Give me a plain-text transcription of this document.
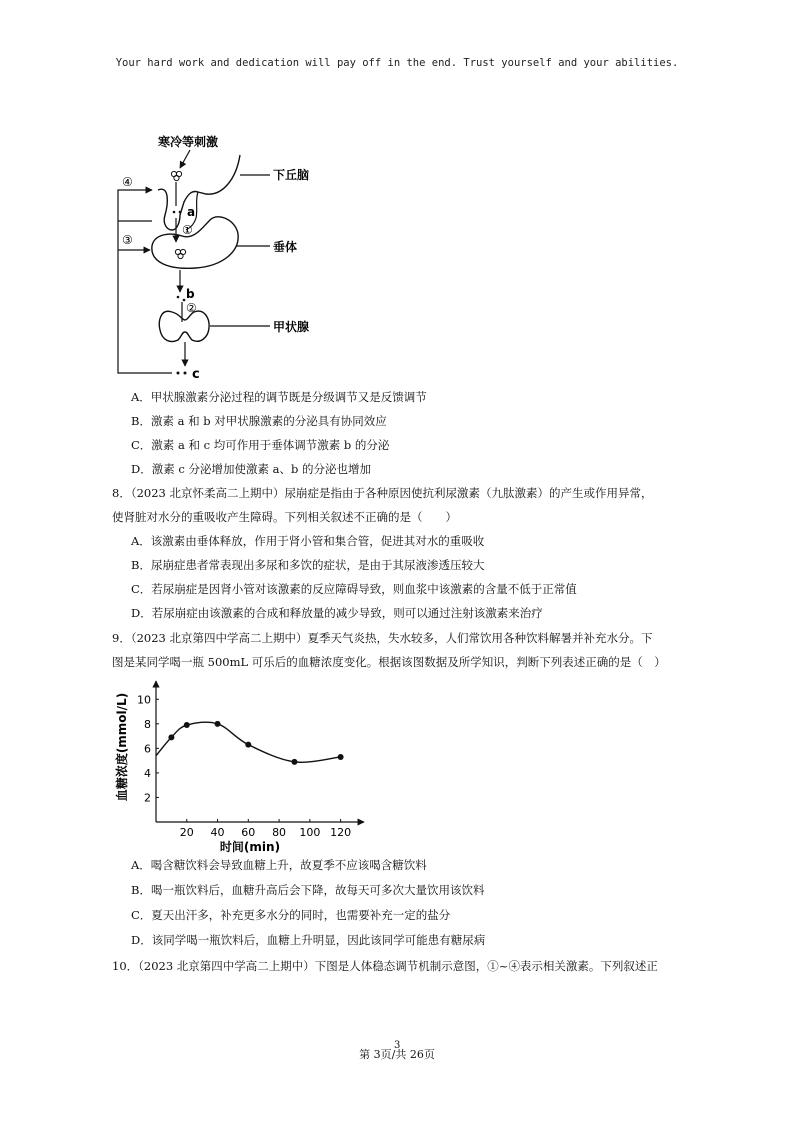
Your hard work and dedication will pay off in the end. Trust yourself and your abilities.
寒冷等刺激
下丘脑
a
①
垂体
b
②
甲状腺
c
④
③
A．甲状腺激素分泌过程的调节既是分级调节又是反馈调节
B．激素 a 和 b 对甲状腺激素的分泌具有协同效应
C．激素 a 和 c 均可作用于垂体调节激素 b 的分泌
D．激素 c 分泌增加使激素 a、b 的分泌也增加
8．（2023 北京怀柔高二上期中）尿崩症是指由于各种原因使抗利尿激素（九肽激素）的产生或作用异常，
使肾脏对水分的重吸收产生障碍。下列相关叙述不正确的是（　　）
A．该激素由垂体释放，作用于肾小管和集合管，促进其对水的重吸收
B．尿崩症患者常表现出多尿和多饮的症状，是由于其尿液渗透压较大
C．若尿崩症是因肾小管对该激素的反应障碍导致，则血浆中该激素的含量不低于正常值
D．若尿崩症由该激素的合成和释放量的减少导致，则可以通过注射该激素来治疗
9．（2023 北京第四中学高二上期中）夏季天气炎热，失水较多，人们常饮用各种饮料解暑并补充水分。下
图是某同学喝一瓶 500mL 可乐后的血糖浓度变化。根据该图数据及所学知识，判断下列表述正确的是（　）
20 40 60 80 100 120
2
4
6
8
10
血糖浓度(mmol/L)
时间(min)
A．喝含糖饮料会导致血糖上升，故夏季不应该喝含糖饮料
B．喝一瓶饮料后，血糖升高后会下降，故每天可多次大量饮用该饮料
C．夏天出汗多，补充更多水分的同时，也需要补充一定的盐分
D．该同学喝一瓶饮料后，血糖上升明显，因此该同学可能患有糖尿病
10．（2023 北京第四中学高二上期中）下图是人体稳态调节机制示意图，①~④表示相关激素。下列叙述正
3
第 3页/共 26页
